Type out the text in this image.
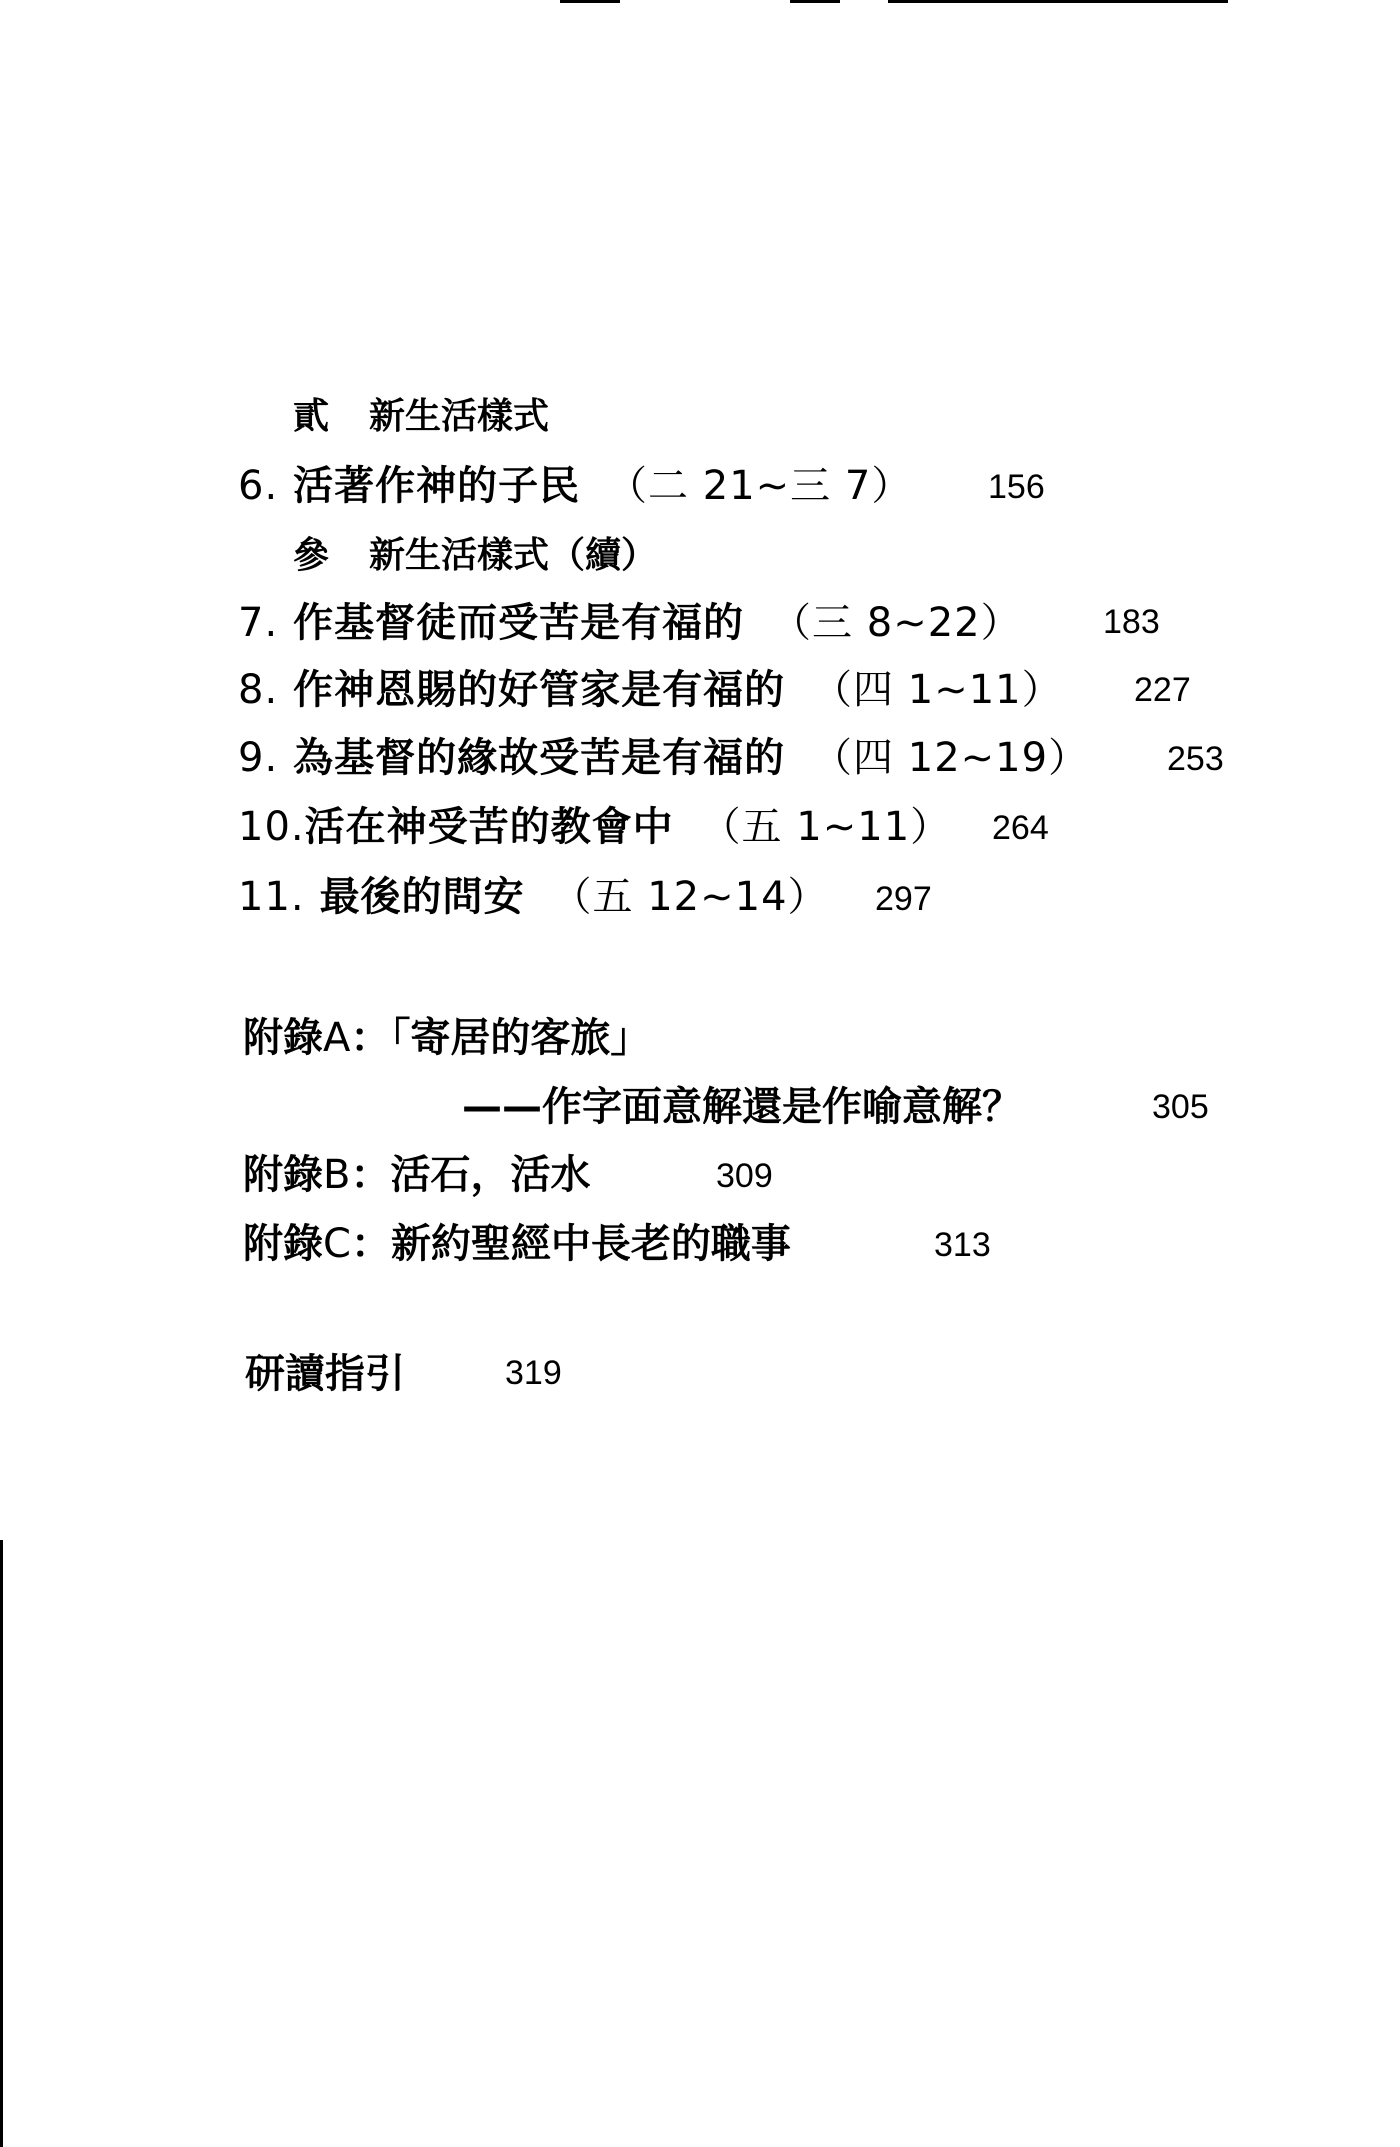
貳 新生活樣式
6. 活著作神的子民 （二 21∼三 7） 156
參 新生活樣式（續）
7. 作基督徒而受苦是有福的 （三 8∼22） 183
8. 作神恩賜的好管家是有福的 （四 1∼11） 227
9. 為基督的緣故受苦是有福的 （四 12∼19） 253
10.活在神受苦的教會中 （五 1∼11） 264
11. 最後的問安 （五 12∼14） 297
附錄A：「寄居的客旅」
——作字面意解還是作喻意解？	305
附錄B：活石，活水	309
附錄C：新約聖經中長老的職事	313
研讀指引	319
